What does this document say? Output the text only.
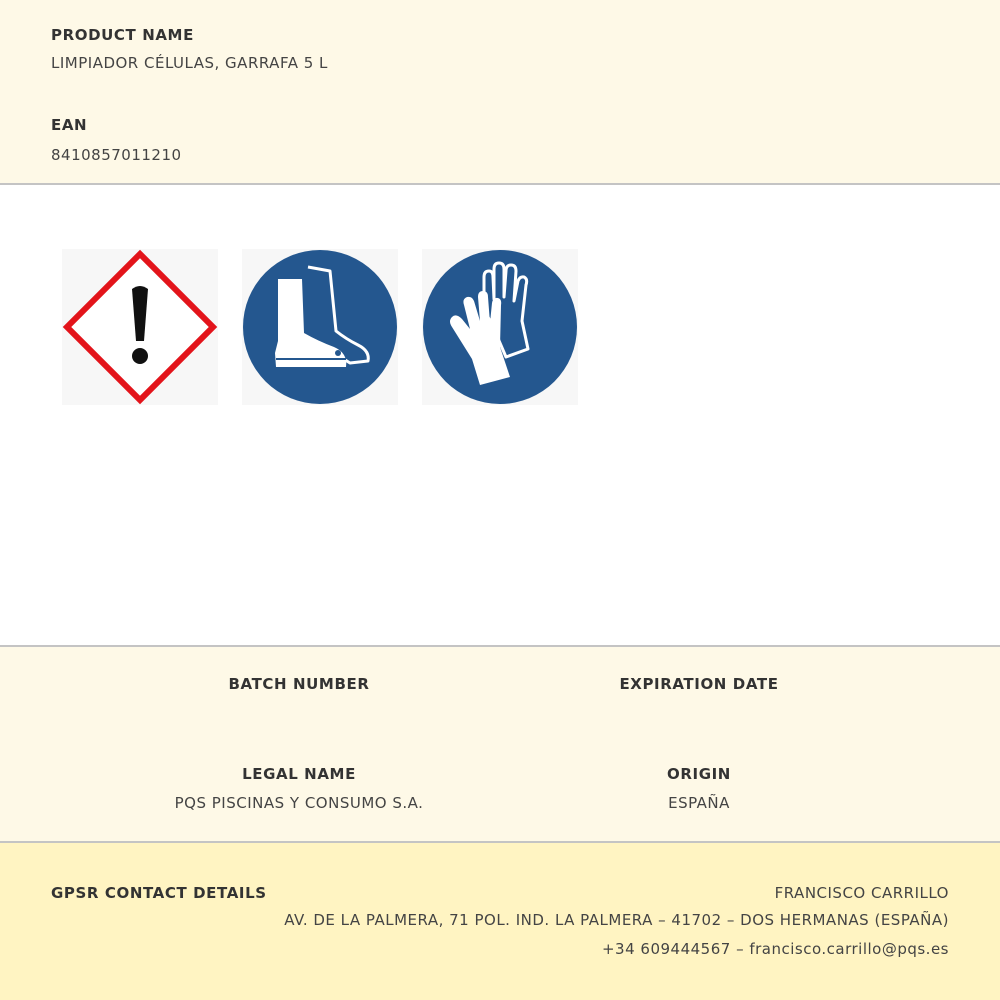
PRODUCT NAME
LIMPIADOR CÉLULAS, GARRAFA 5 L
EAN
8410857011210
BATCH NUMBER	EXPIRATION DATE
LEGAL NAME
PQS PISCINAS Y CONSUMO S.A.
ORIGIN
ESPAÑA
GPSR CONTACT DETAILS	FRANCISCO CARRILLO
AV. DE LA PALMERA, 71 POL. IND. LA PALMERA – 41702 – DOS HERMANAS (ESPAÑA)
+34 609444567 – francisco.carrillo@pqs.es
